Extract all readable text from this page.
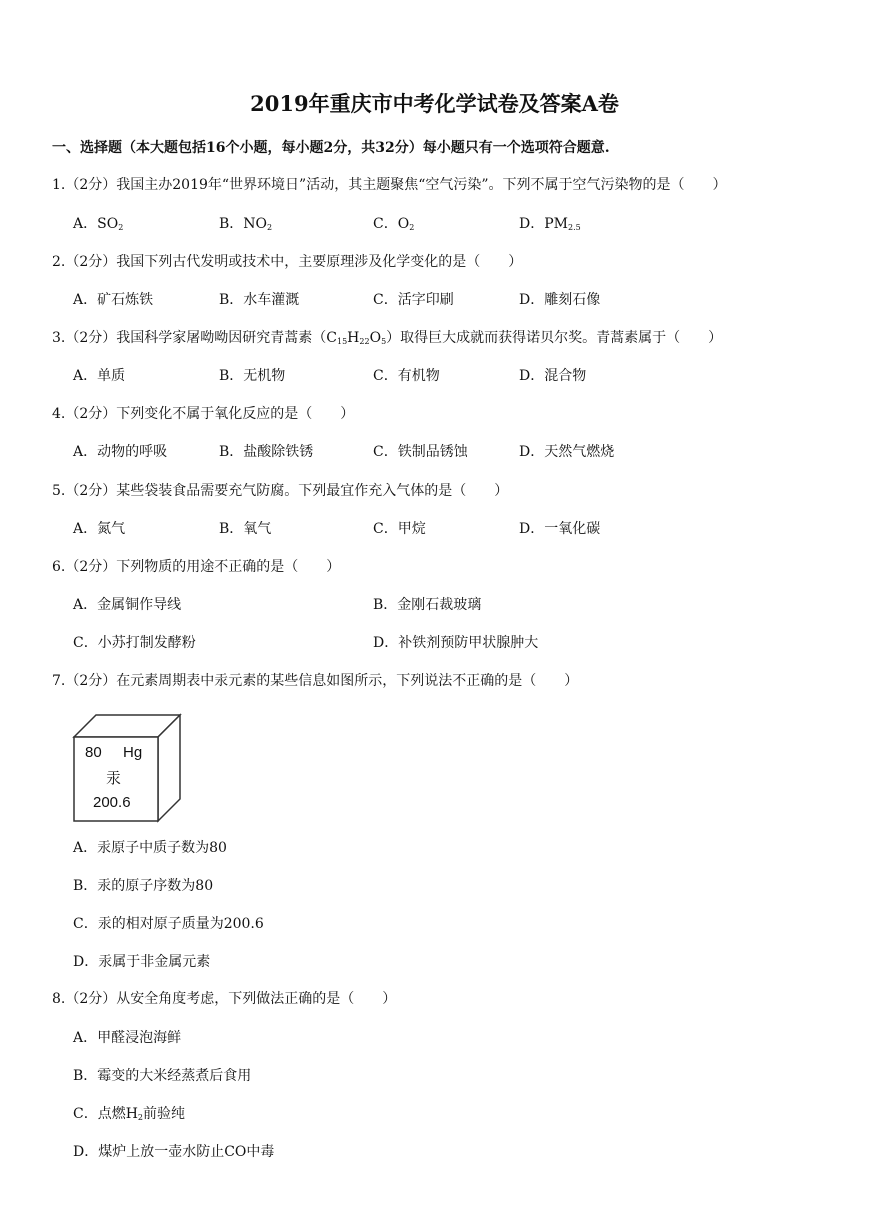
2019年重庆市中考化学试卷及答案A卷
一、选择题（本大题包括16个小题，每小题2分，共32分）每小题只有一个选项符合题意.
1.（2分）我国主办2019年“世界环境日”活动，其主题聚焦“空气污染”。下列不属于空气污染物的是（　　）
A．$SO_2$	B．$NO_2$	C．$O_2$	D．$PM_{2.5}$
2.（2分）我国下列古代发明或技术中，主要原理涉及化学变化的是（　　）
A．矿石炼铁	B．水车灌溉	C．活字印刷	D．雕刻石像
3.（2分）我国科学家屠呦呦因研究青蒿素$(C_{15}H_{22}O_5)$取得巨大成就而获得诺贝尔奖。青蒿素属于（　　）
A．单质	B．无机物	C．有机物	D．混合物
4.（2分）下列变化不属于氧化反应的是（　　）
A．动物的呼吸	B．盐酸除铁锈	C．铁制品锈蚀	D．天然气燃烧
5.（2分）某些袋装食品需要充气防腐。下列最宜作充入气体的是（　　）
A．氮气	B．氧气	C．甲烷	D．一氧化碳
6.（2分）下列物质的用途不正确的是（　　）
A．金属铜作导线	B．金刚石裁玻璃
C．小苏打制发酵粉	D．补铁剂预防甲状腺肿大
7.（2分）在元素周期表中汞元素的某些信息如图所示，下列说法不正确的是（　　）
80 Hg
汞
200.6
A．汞原子中质子数为80
B．汞的原子序数为80
C．汞的相对原子质量为200.6
D．汞属于非金属元素
8.（2分）从安全角度考虑，下列做法正确的是（　　）
A．甲醛浸泡海鲜
B．霉变的大米经蒸煮后食用
C．点燃$H_2$前验纯
D．煤炉上放一壶水防止CO中毒
